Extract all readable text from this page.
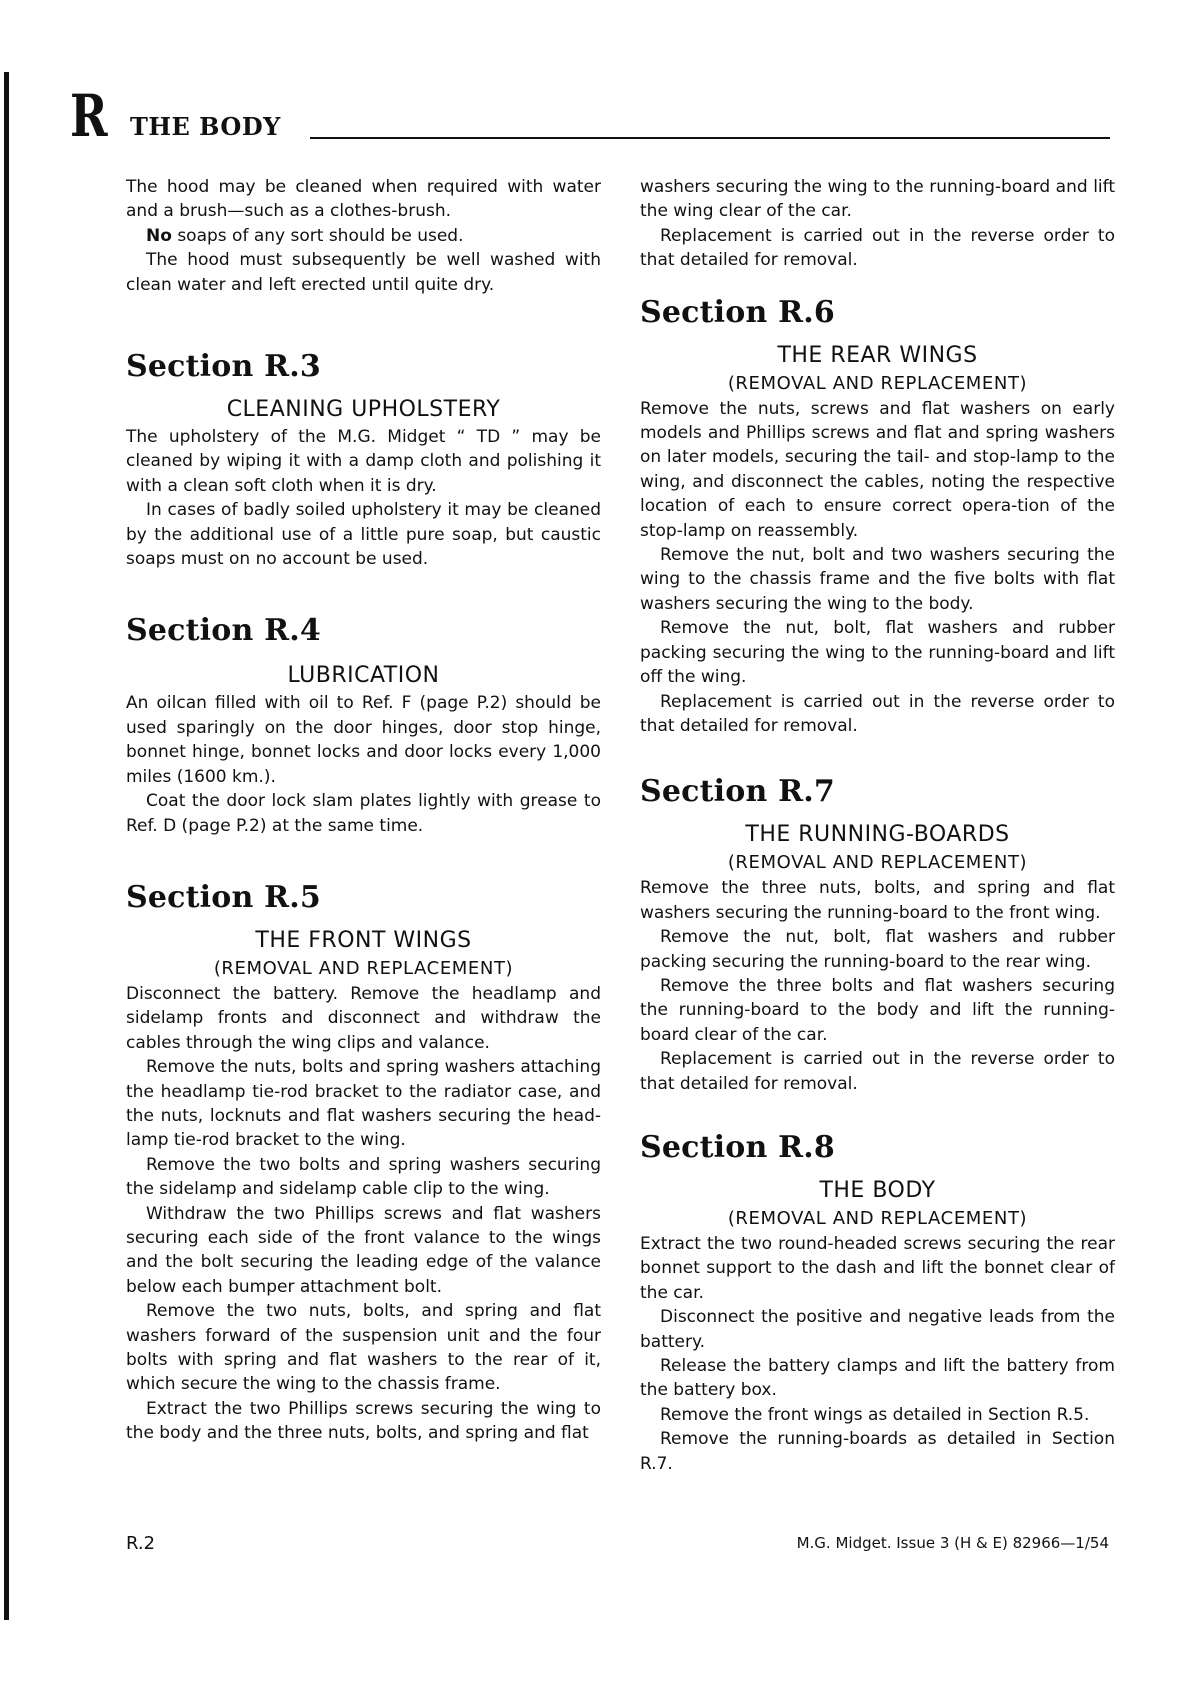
R THE BODY

The hood may be cleaned when required with water and a brush—such as a clothes-brush.

No soaps of any sort should be used.

The hood must subsequently be well washed with clean water and left erected until quite dry.

Section R.3
CLEANING UPHOLSTERY

The upholstery of the M.G. Midget “ TD ” may be cleaned by wiping it with a damp cloth and polishing it with a clean soft cloth when it is dry.

In cases of badly soiled upholstery it may be cleaned by the additional use of a little pure soap, but caustic soaps must on no account be used.

Section R.4
LUBRICATION

An oilcan filled with oil to Ref. F (page P.2) should be used sparingly on the door hinges, door stop hinge, bonnet hinge, bonnet locks and door locks every 1,000 miles (1600 km.).

Coat the door lock slam plates lightly with grease to Ref. D (page P.2) at the same time.

Section R.5
THE FRONT WINGS
(REMOVAL AND REPLACEMENT)

Disconnect the battery. Remove the headlamp and sidelamp fronts and disconnect and withdraw the cables through the wing clips and valance.

Remove the nuts, bolts and spring washers attaching the headlamp tie-rod bracket to the radiator case, and the nuts, locknuts and flat washers securing the head-lamp tie-rod bracket to the wing.

Remove the two bolts and spring washers securing the sidelamp and sidelamp cable clip to the wing.

Withdraw the two Phillips screws and flat washers securing each side of the front valance to the wings and the bolt securing the leading edge of the valance below each bumper attachment bolt.

Remove the two nuts, bolts, and spring and flat washers forward of the suspension unit and the four bolts with spring and flat washers to the rear of it, which secure the wing to the chassis frame.

Extract the two Phillips screws securing the wing to the body and the three nuts, bolts, and spring and flat

washers securing the wing to the running-board and lift the wing clear of the car.

Replacement is carried out in the reverse order to that detailed for removal.

Section R.6
THE REAR WINGS
(REMOVAL AND REPLACEMENT)

Remove the nuts, screws and flat washers on early models and Phillips screws and flat and spring washers on later models, securing the tail- and stop-lamp to the wing, and disconnect the cables, noting the respective location of each to ensure correct opera-tion of the stop-lamp on reassembly.

Remove the nut, bolt and two washers securing the wing to the chassis frame and the five bolts with flat washers securing the wing to the body.

Remove the nut, bolt, flat washers and rubber packing securing the wing to the running-board and lift off the wing.

Replacement is carried out in the reverse order to that detailed for removal.

Section R.7
THE RUNNING-BOARDS
(REMOVAL AND REPLACEMENT)

Remove the three nuts, bolts, and spring and flat washers securing the running-board to the front wing.

Remove the nut, bolt, flat washers and rubber packing securing the running-board to the rear wing.

Remove the three bolts and flat washers securing the running-board to the body and lift the running-board clear of the car.

Replacement is carried out in the reverse order to that detailed for removal.

Section R.8
THE BODY
(REMOVAL AND REPLACEMENT)

Extract the two round-headed screws securing the rear bonnet support to the dash and lift the bonnet clear of the car.

Disconnect the positive and negative leads from the battery.

Release the battery clamps and lift the battery from the battery box.

Remove the front wings as detailed in Section R.5.

Remove the running-boards as detailed in Section R.7.

R.2	M.G. Midget. Issue 3 (H & E) 82966—1/54
